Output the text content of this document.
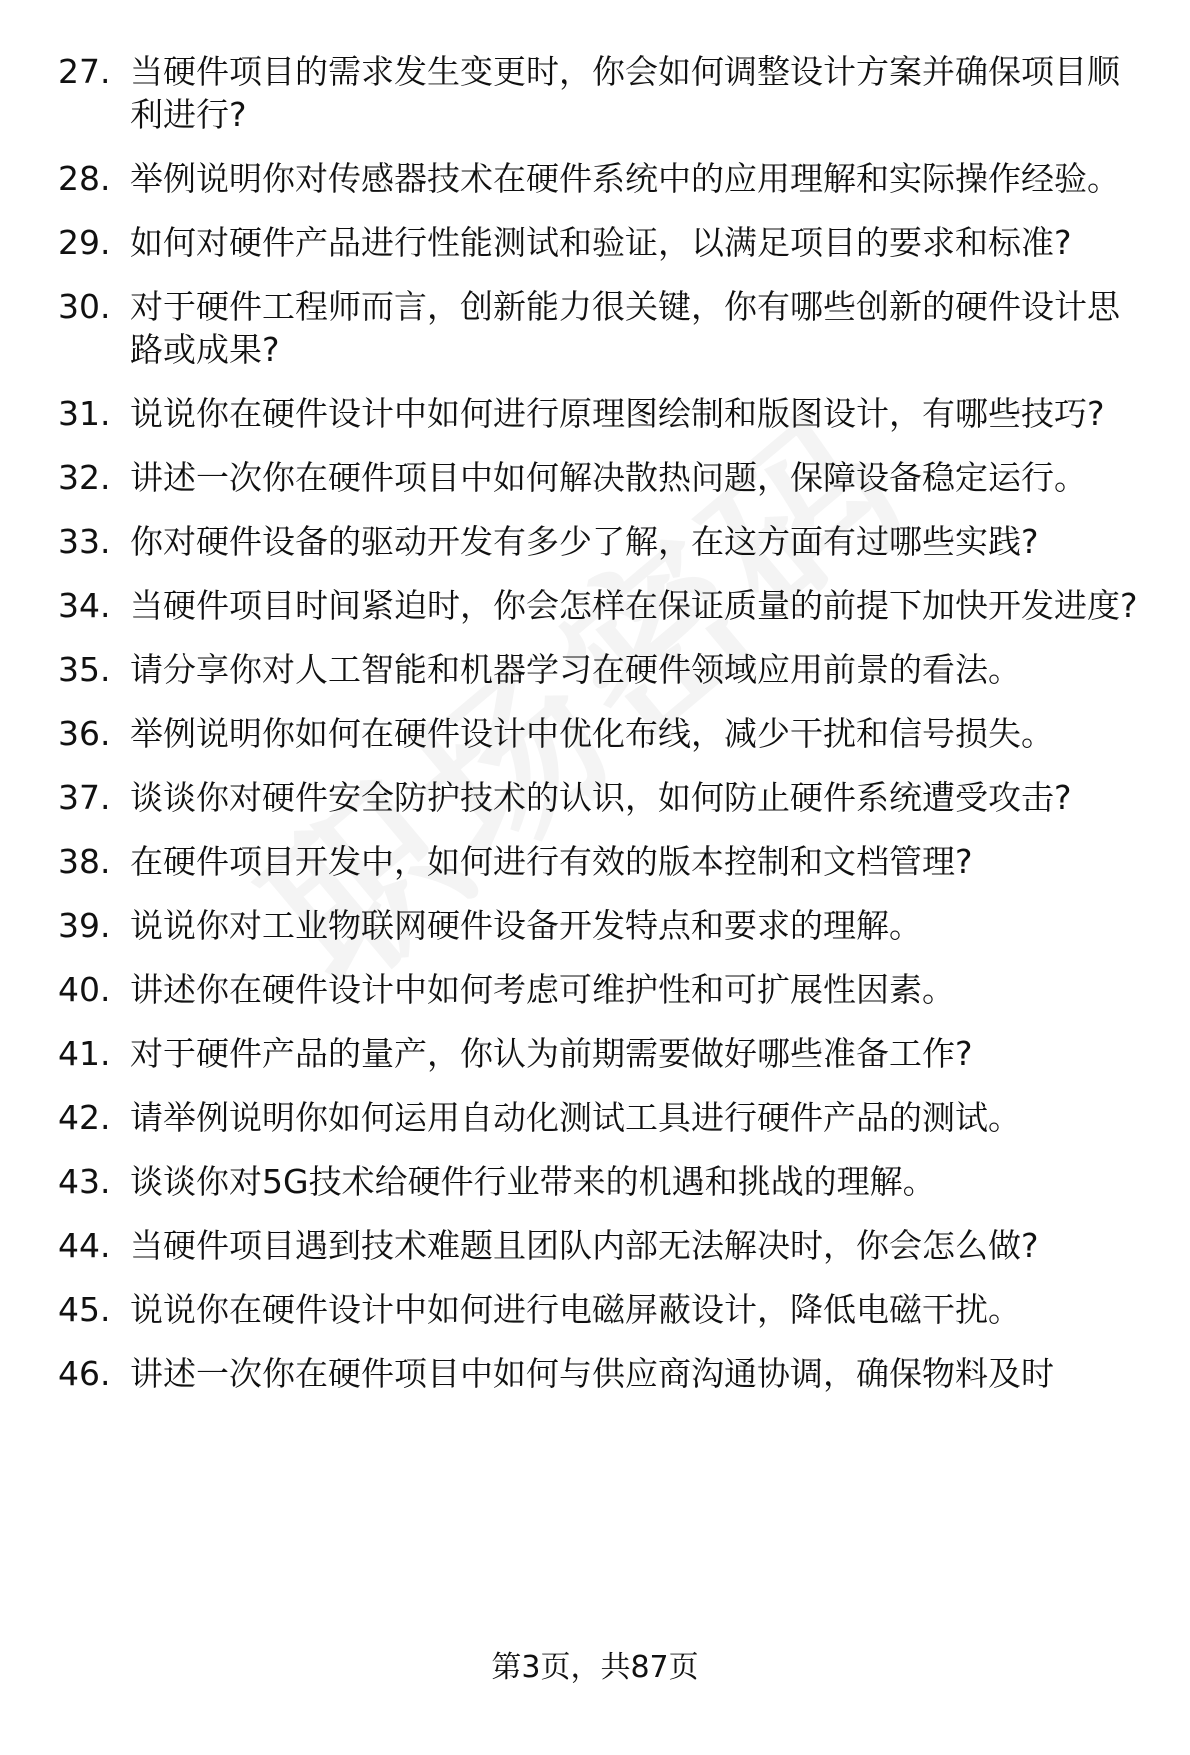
27. 当硬件项目的需求发生变更时，你会如何调整设计方案并确保项目顺利进行?
28. 举例说明你对传感器技术在硬件系统中的应用理解和实际操作经验。
29. 如何对硬件产品进行性能测试和验证，以满足项目的要求和标准?
30. 对于硬件工程师而言，创新能力很关键，你有哪些创新的硬件设计思路或成果?
31. 说说你在硬件设计中如何进行原理图绘制和版图设计，有哪些技巧?
32. 讲述一次你在硬件项目中如何解决散热问题，保障设备稳定运行。
33. 你对硬件设备的驱动开发有多少了解，在这方面有过哪些实践?
34. 当硬件项目时间紧迫时，你会怎样在保证质量的前提下加快开发进度?
35. 请分享你对人工智能和机器学习在硬件领域应用前景的看法。
36. 举例说明你如何在硬件设计中优化布线，减少干扰和信号损失。
37. 谈谈你对硬件安全防护技术的认识，如何防止硬件系统遭受攻击?
38. 在硬件项目开发中，如何进行有效的版本控制和文档管理?
39. 说说你对工业物联网硬件设备开发特点和要求的理解。
40. 讲述你在硬件设计中如何考虑可维护性和可扩展性因素。
41. 对于硬件产品的量产，你认为前期需要做好哪些准备工作?
42. 请举例说明你如何运用自动化测试工具进行硬件产品的测试。
43. 谈谈你对5G技术给硬件行业带来的机遇和挑战的理解。
44. 当硬件项目遇到技术难题且团队内部无法解决时，你会怎么做?
45. 说说你在硬件设计中如何进行电磁屏蔽设计，降低电磁干扰。
46. 讲述一次你在硬件项目中如何与供应商沟通协调，确保物料及时
第3页，共87页
